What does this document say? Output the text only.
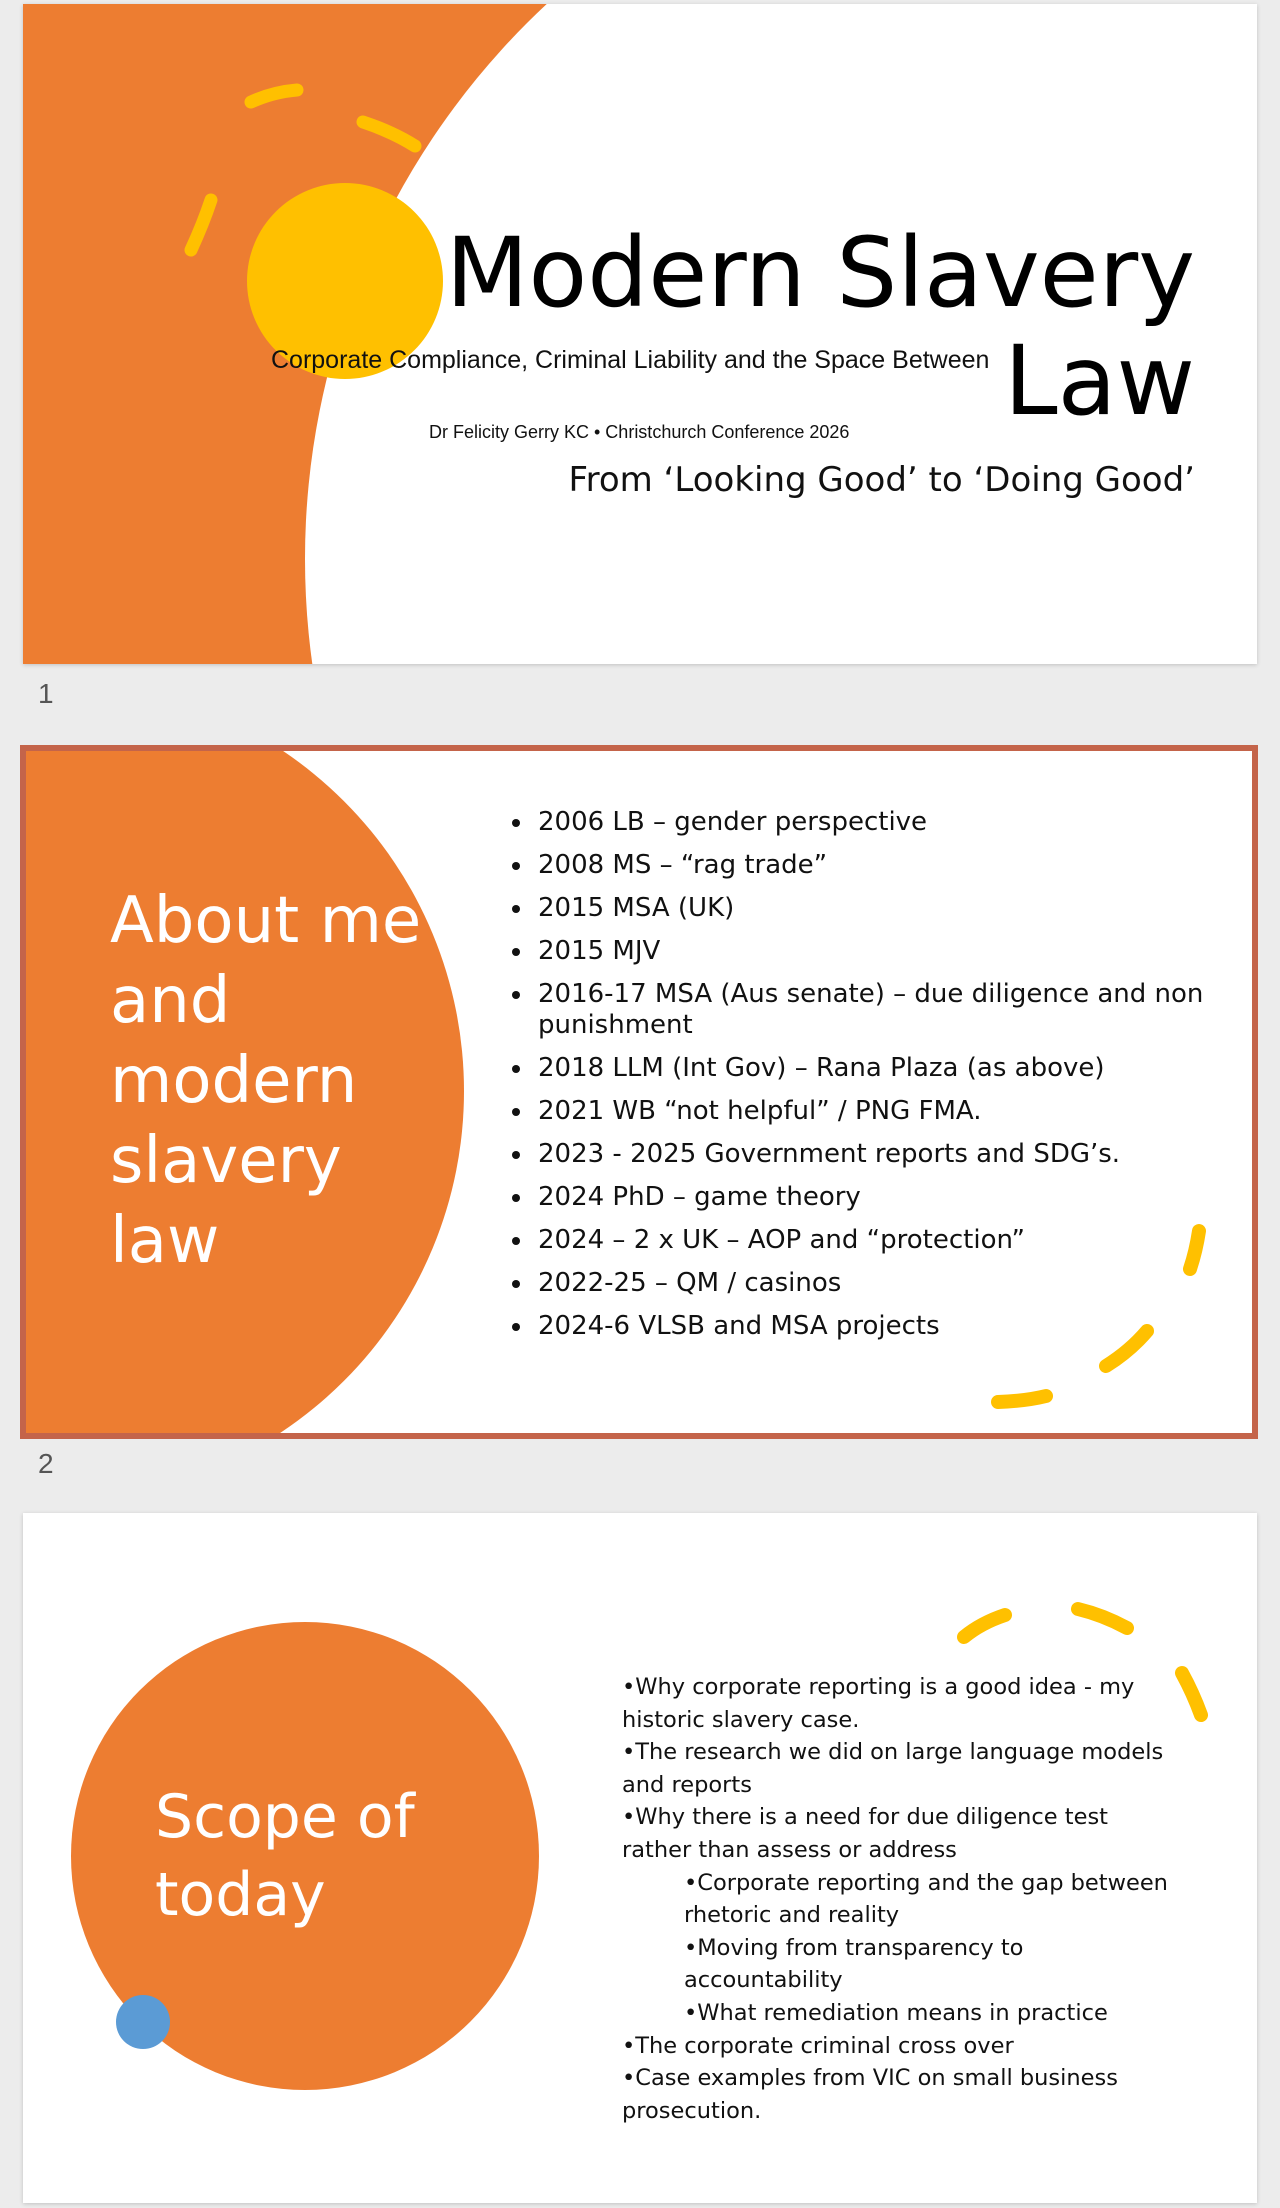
Modern Slavery Law
Corporate Compliance, Criminal Liability and the Space Between
Dr Felicity Gerry KC • Christchurch Conference 2026
From ‘Looking Good’ to ‘Doing Good’
1
About me and modern slavery law
• 2006 LB – gender perspective
• 2008 MS – “rag trade”
• 2015 MSA (UK)
• 2015 MJV
• 2016-17 MSA (Aus senate) – due diligence and non punishment
• 2018 LLM (Int Gov) – Rana Plaza (as above)
• 2021 WB “not helpful” / PNG FMA.
• 2023 - 2025 Government reports and SDG’s.
• 2024 PhD – game theory
• 2024 – 2 x UK – AOP and “protection”
• 2022-25 – QM / casinos
• 2024-6 VLSB and MSA projects
2
Scope of today

•Why corporate reporting is a good idea - my historic slavery case.

•The research we did on large language models and reports

•Why there is a need for due diligence test rather than assess or address

•Corporate reporting and the gap between rhetoric and reality

•Moving from transparency to accountability

•What remediation means in practice

•The corporate criminal cross over

•Case examples from VIC on small business prosecution.
